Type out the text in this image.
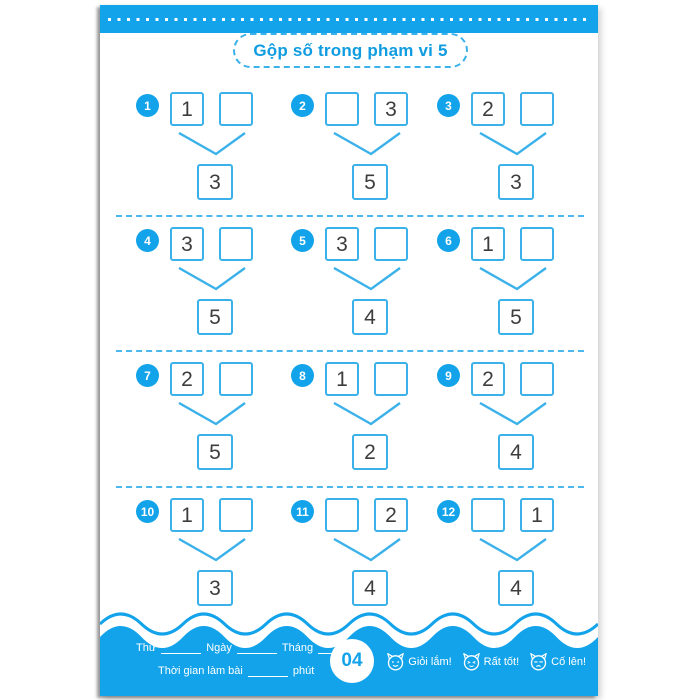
Gộp số trong phạm vi 5
1 1
3
2	3
5
3 2
3
4 3
5
5 3
4
6 1
5
7 2
5
8 1
2
9 2
4
10 1
3
11	2
4
12	1
4
Thứ	Ngày	Tháng
Thời gian làm bài	phút 04	Giỏi lắm!	Rất tốt!	Cố lên!
